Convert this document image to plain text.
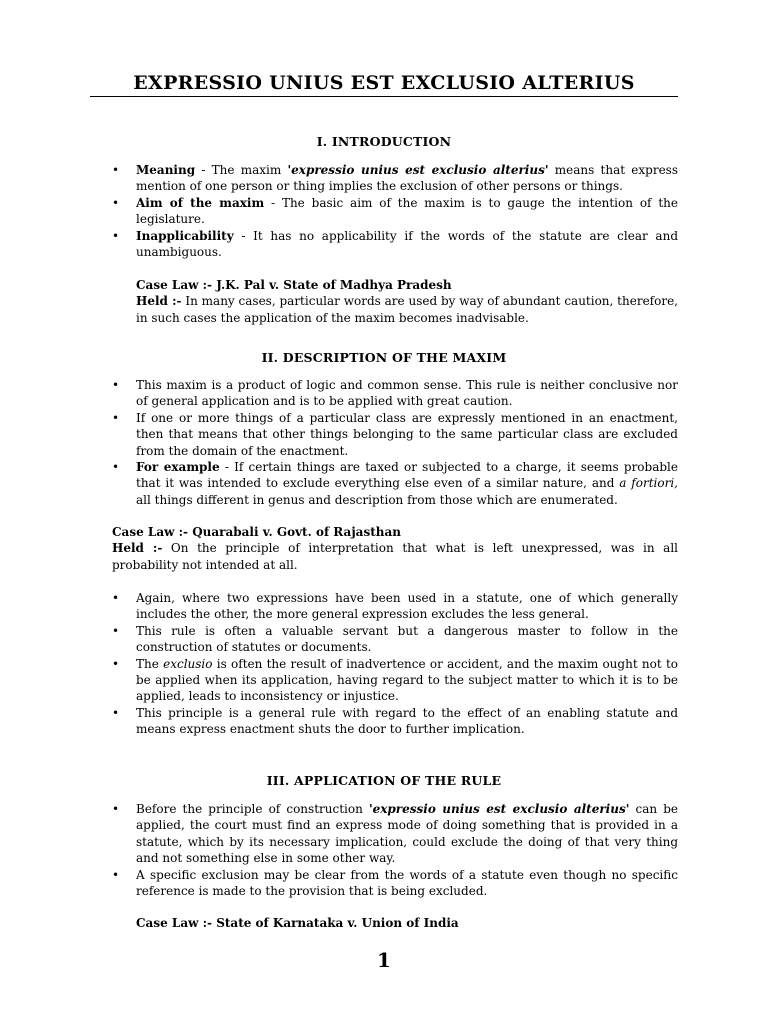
EXPRESSIO UNIUS EST EXCLUSIO ALTERIUS
I. INTRODUCTION
• Meaning - The maxim 'expressio unius est exclusio alterius' means that express mention of one person or thing implies the exclusion of other persons or things.
• Aim of the maxim - The basic aim of the maxim is to gauge the intention of the legislature.
• Inapplicability - It has no applicability if the words of the statute are clear and unambiguous.
Case Law :- J.K. Pal v. State of Madhya Pradesh
Held :- In many cases, particular words are used by way of abundant caution, therefore, in such cases the application of the maxim becomes inadvisable.
II. DESCRIPTION OF THE MAXIM
• This maxim is a product of logic and common sense. This rule is neither conclusive nor of general application and is to be applied with great caution.
• If one or more things of a particular class are expressly mentioned in an enactment, then that means that other things belonging to the same particular class are excluded from the domain of the enactment.
• For example - If certain things are taxed or subjected to a charge, it seems probable that it was intended to exclude everything else even of a similar nature, and a fortiori, all things different in genus and description from those which are enumerated.
Case Law :- Quarabali v. Govt. of Rajasthan
Held :- On the principle of interpretation that what is left unexpressed, was in all probability not intended at all.
• Again, where two expressions have been used in a statute, one of which generally includes the other, the more general expression excludes the less general.
• This rule is often a valuable servant but a dangerous master to follow in the construction of statutes or documents.
• The exclusio is often the result of inadvertence or accident, and the maxim ought not to be applied when its application, having regard to the subject matter to which it is to be applied, leads to inconsistency or injustice.
• This principle is a general rule with regard to the effect of an enabling statute and means express enactment shuts the door to further implication.
III. APPLICATION OF THE RULE
• Before the principle of construction 'expressio unius est exclusio alterius' can be applied, the court must find an express mode of doing something that is provided in a statute, which by its necessary implication, could exclude the doing of that very thing and not something else in some other way.
• A specific exclusion may be clear from the words of a statute even though no specific reference is made to the provision that is being excluded.
Case Law :- State of Karnataka v. Union of India
1
